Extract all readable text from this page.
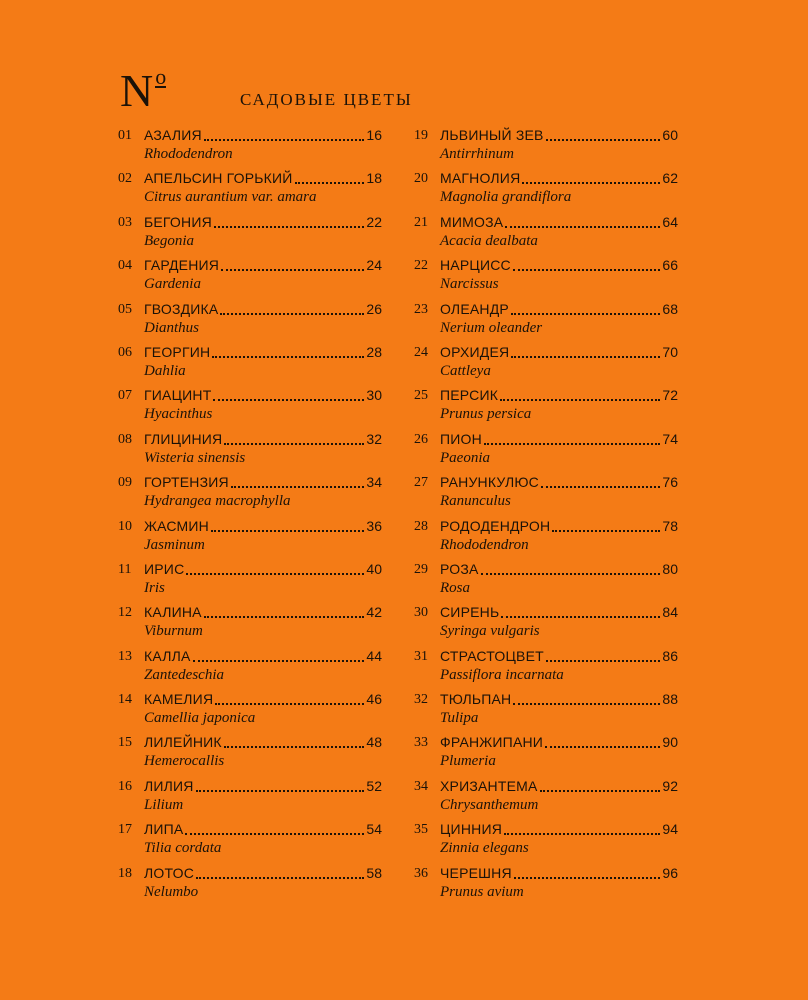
No
САДОВЫЕ ЦВЕТЫ
01 АЗАЛИЯ	16
Rhododendron
02 АПЕЛЬСИН ГОРЬКИЙ	18
Citrus aurantium var. amara
03 БЕГОНИЯ	22
Begonia
04 ГАРДЕНИЯ	24
Gardenia
05 ГВОЗДИКА	26
Dianthus
06 ГЕОРГИН	28
Dahlia
07 ГИАЦИНТ	30
Hyacinthus
08 ГЛИЦИНИЯ	32
Wisteria sinensis
09 ГОРТЕНЗИЯ	34
Hydrangea macrophylla
10 ЖАСМИН	36
Jasminum
11 ИРИС	40
Iris
12 КАЛИНА	42
Viburnum
13 КАЛЛА	44
Zantedeschia
14 КАМЕЛИЯ	46
Camellia japonica
15 ЛИЛЕЙНИК	48
Hemerocallis
16 ЛИЛИЯ	52
Lilium
17 ЛИПА	54
Tilia cordata
18 ЛОТОС	58
Nelumbo
19 ЛЬВИНЫЙ ЗЕВ	60
Antirrhinum
20 МАГНОЛИЯ	62
Magnolia grandiflora
21 МИМОЗА	64
Acacia dealbata
22 НАРЦИСС	66
Narcissus
23 ОЛЕАНДР	68
Nerium oleander
24 ОРХИДЕЯ	70
Cattleya
25 ПЕРСИК	72
Prunus persica
26 ПИОН	74
Paeonia
27 РАНУНКУЛЮС	76
Ranunculus
28 РОДОДЕНДРОН	78
Rhododendron
29 РОЗА	80
Rosa
30 СИРЕНЬ	84
Syringa vulgaris
31 СТРАСТОЦВЕТ	86
Passiflora incarnata
32 ТЮЛЬПАН	88
Tulipa
33 ФРАНЖИПАНИ	90
Plumeria
34 ХРИЗАНТЕМА	92
Chrysanthemum
35 ЦИННИЯ	94
Zinnia elegans
36 ЧЕРЕШНЯ	96
Prunus avium
